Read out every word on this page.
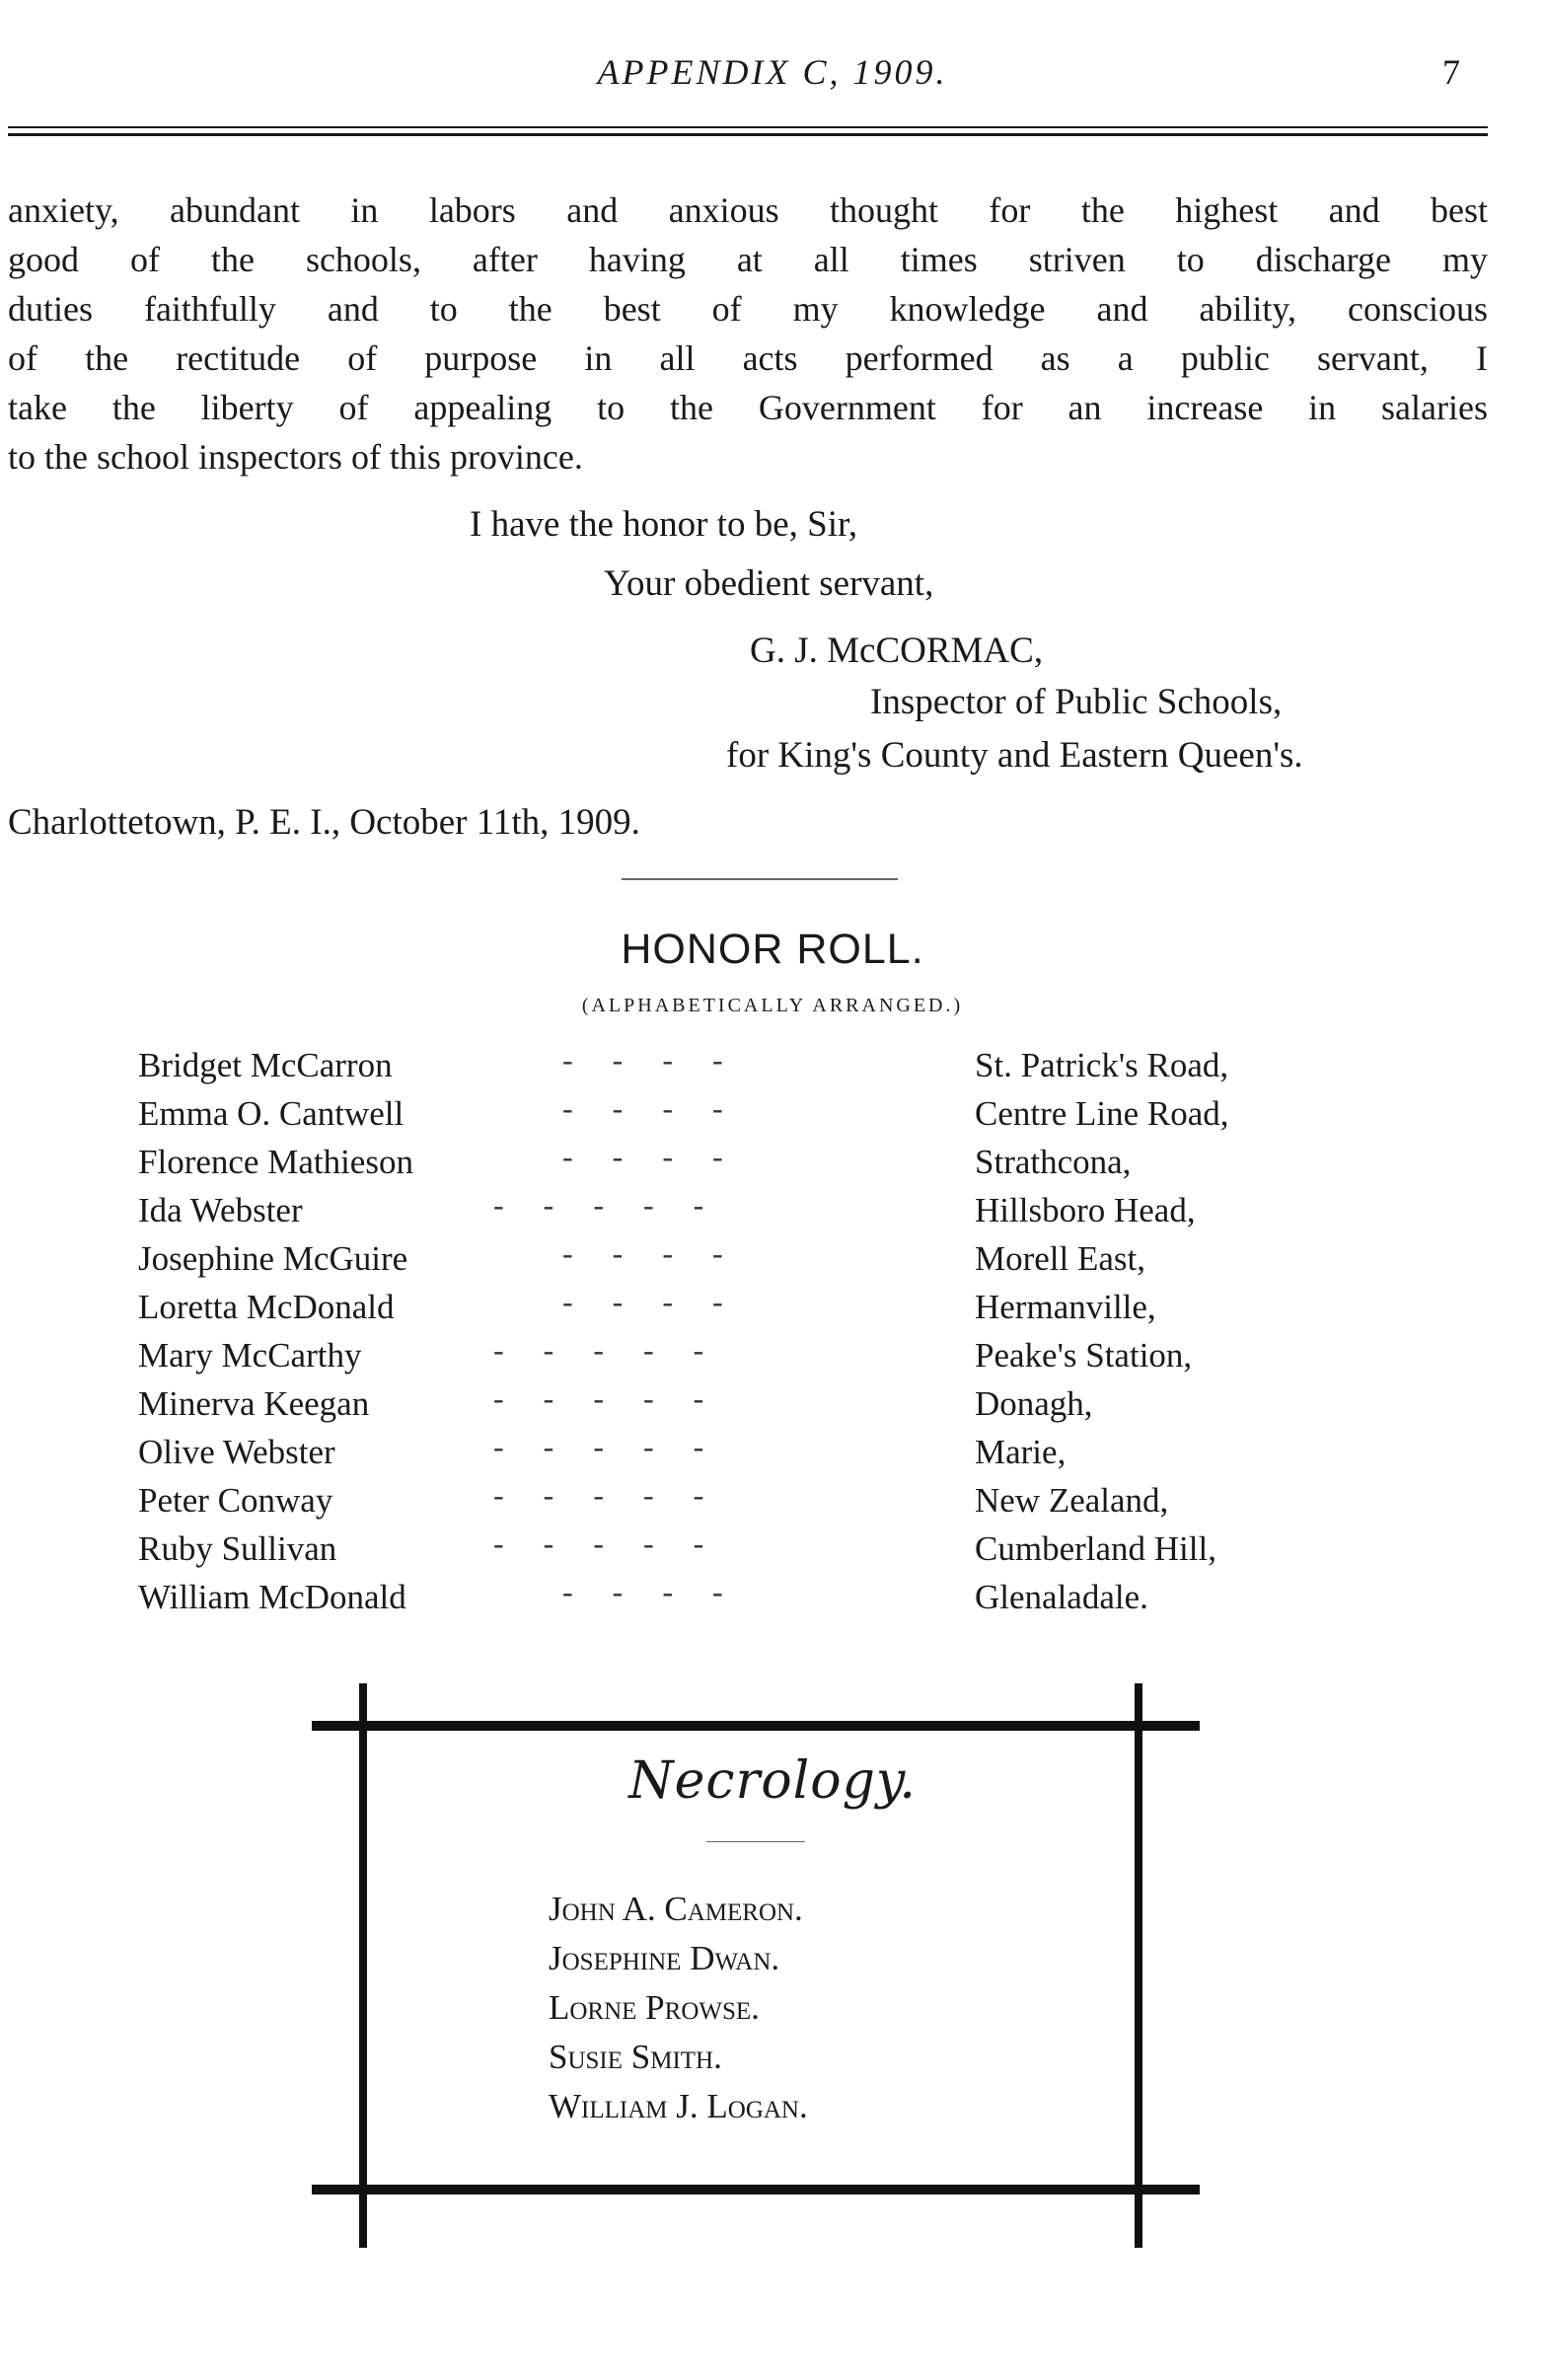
APPENDIX C, 1909.	7
anxiety, abundant in labors and anxious thought for the highest and best
good of the schools, after having at all times striven to discharge my
duties faithfully and to the best of my knowledge and ability, conscious
of the rectitude of purpose in all acts performed as a public servant, I
take the liberty of appealing to the Government for an increase in salaries
to the school inspectors of this province.
I have the honor to be, Sir,
Your obedient servant,
G. J. McCORMAC,
Inspector of Public Schools,
for King's County and Eastern Queen's.
Charlottetown, P. E. I., October 11th, 1909.
HONOR ROLL.
(ALPHABETICALLY ARRANGED.)
Bridget McCarron	-     -     -     -	St. Patrick's Road,
Emma O. Cantwell	-     -     -     -	Centre Line Road,
Florence Mathieson	-     -     -     -	Strathcona,
Ida Webster	-     -     -     -     -	Hillsboro Head,
Josephine McGuire	-     -     -     -	Morell East,
Loretta McDonald	-     -     -     -	Hermanville,
Mary McCarthy	-     -     -     -     -	Peake's Station,
Minerva Keegan	-     -     -     -     -	Donagh,
Olive Webster	-     -     -     -     -	Marie,
Peter Conway	-     -     -     -     -	New Zealand,
Ruby Sullivan	-     -     -     -     -	Cumberland Hill,
William McDonald	-     -     -     -	Glenaladale.
Necrology.
John A. Cameron.
Josephine Dwan.
Lorne Prowse.
Susie Smith.
William J. Logan.
